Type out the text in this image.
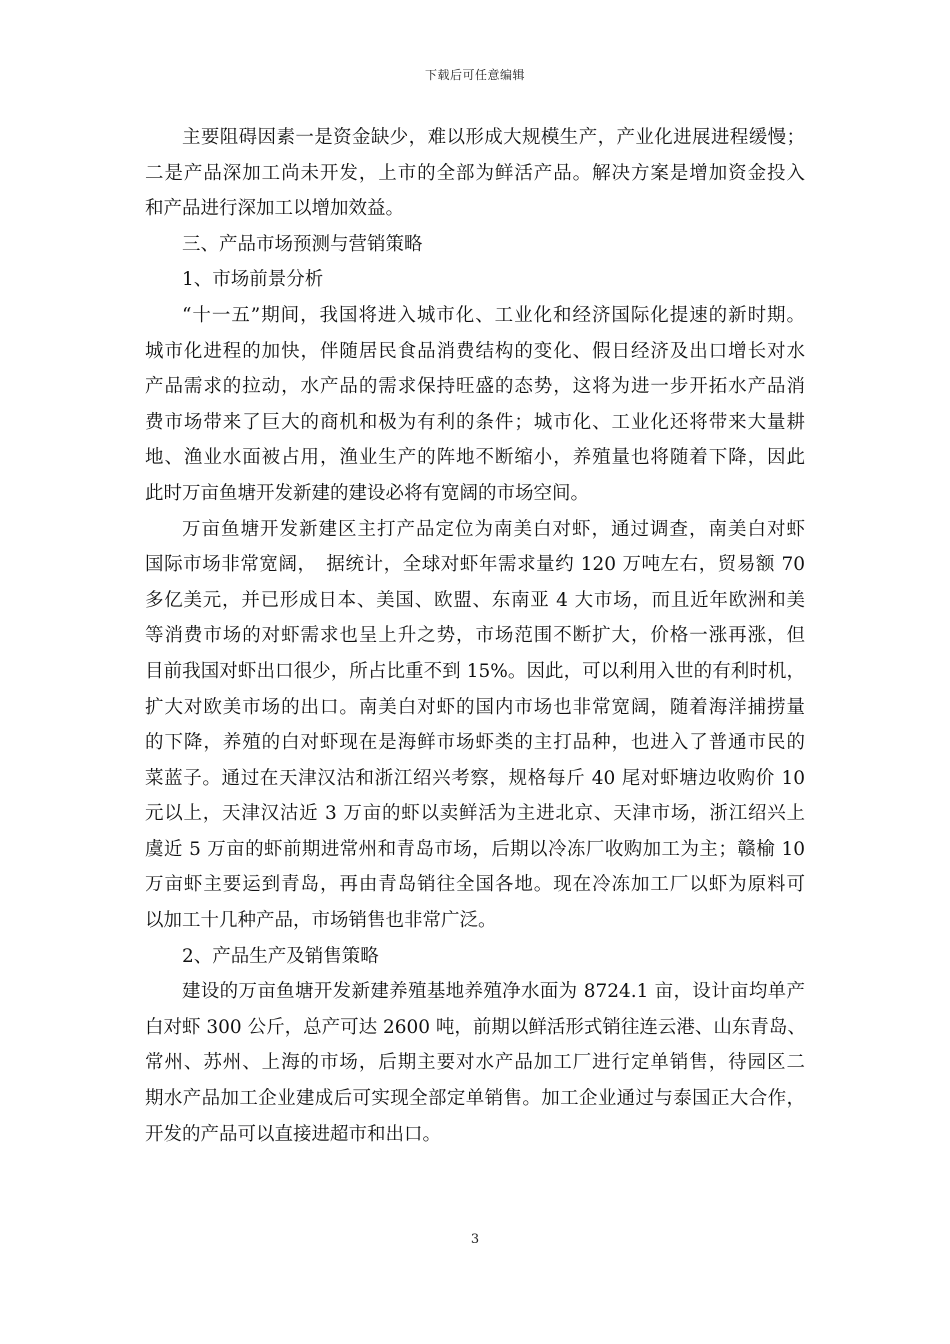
下载后可任意编辑
主要阻碍因素一是资金缺少，难以形成大规模生产，产业化进展进程缓慢；
二是产品深加工尚未开发，上市的全部为鲜活产品。解决方案是增加资金投入
和产品进行深加工以增加效益。
三、产品市场预测与营销策略
1、市场前景分析
“十一五”期间，我国将进入城市化、工业化和经济国际化提速的新时期。
城市化进程的加快，伴随居民食品消费结构的变化、假日经济及出口增长对水
产品需求的拉动，水产品的需求保持旺盛的态势，这将为进一步开拓水产品消
费市场带来了巨大的商机和极为有利的条件；城市化、工业化还将带来大量耕
地、渔业水面被占用，渔业生产的阵地不断缩小，养殖量也将随着下降，因此
此时万亩鱼塘开发新建的建设必将有宽阔的市场空间。
万亩鱼塘开发新建区主打产品定位为南美白对虾，通过调查，南美白对虾
国际市场非常宽阔，　据统计，全球对虾年需求量约 120 万吨左右，贸易额 70
多亿美元，并已形成日本、美国、欧盟、东南亚 4 大市场，而且近年欧洲和美
等消费市场的对虾需求也呈上升之势，市场范围不断扩大，价格一涨再涨，但
目前我国对虾出口很少，所占比重不到 15%。因此，可以利用入世的有利时机，
扩大对欧美市场的出口。南美白对虾的国内市场也非常宽阔，随着海洋捕捞量
的下降，养殖的白对虾现在是海鲜市场虾类的主打品种，也进入了普通市民的
菜蓝子。通过在天津汉沽和浙江绍兴考察，规格每斤 40 尾对虾塘边收购价 10
元以上，天津汉沽近 3 万亩的虾以卖鲜活为主进北京、天津市场，浙江绍兴上
虞近 5 万亩的虾前期进常州和青岛市场，后期以冷冻厂收购加工为主；赣榆 10
万亩虾主要运到青岛，再由青岛销往全国各地。现在冷冻加工厂以虾为原料可
以加工十几种产品，市场销售也非常广泛。
2、产品生产及销售策略
建设的万亩鱼塘开发新建养殖基地养殖净水面为 8724.1 亩，设计亩均单产
白对虾 300 公斤，总产可达 2600 吨，前期以鲜活形式销往连云港、山东青岛、
常州、苏州、上海的市场，后期主要对水产品加工厂进行定单销售，待园区二
期水产品加工企业建成后可实现全部定单销售。加工企业通过与泰国正大合作，
开发的产品可以直接进超市和出口。
3
